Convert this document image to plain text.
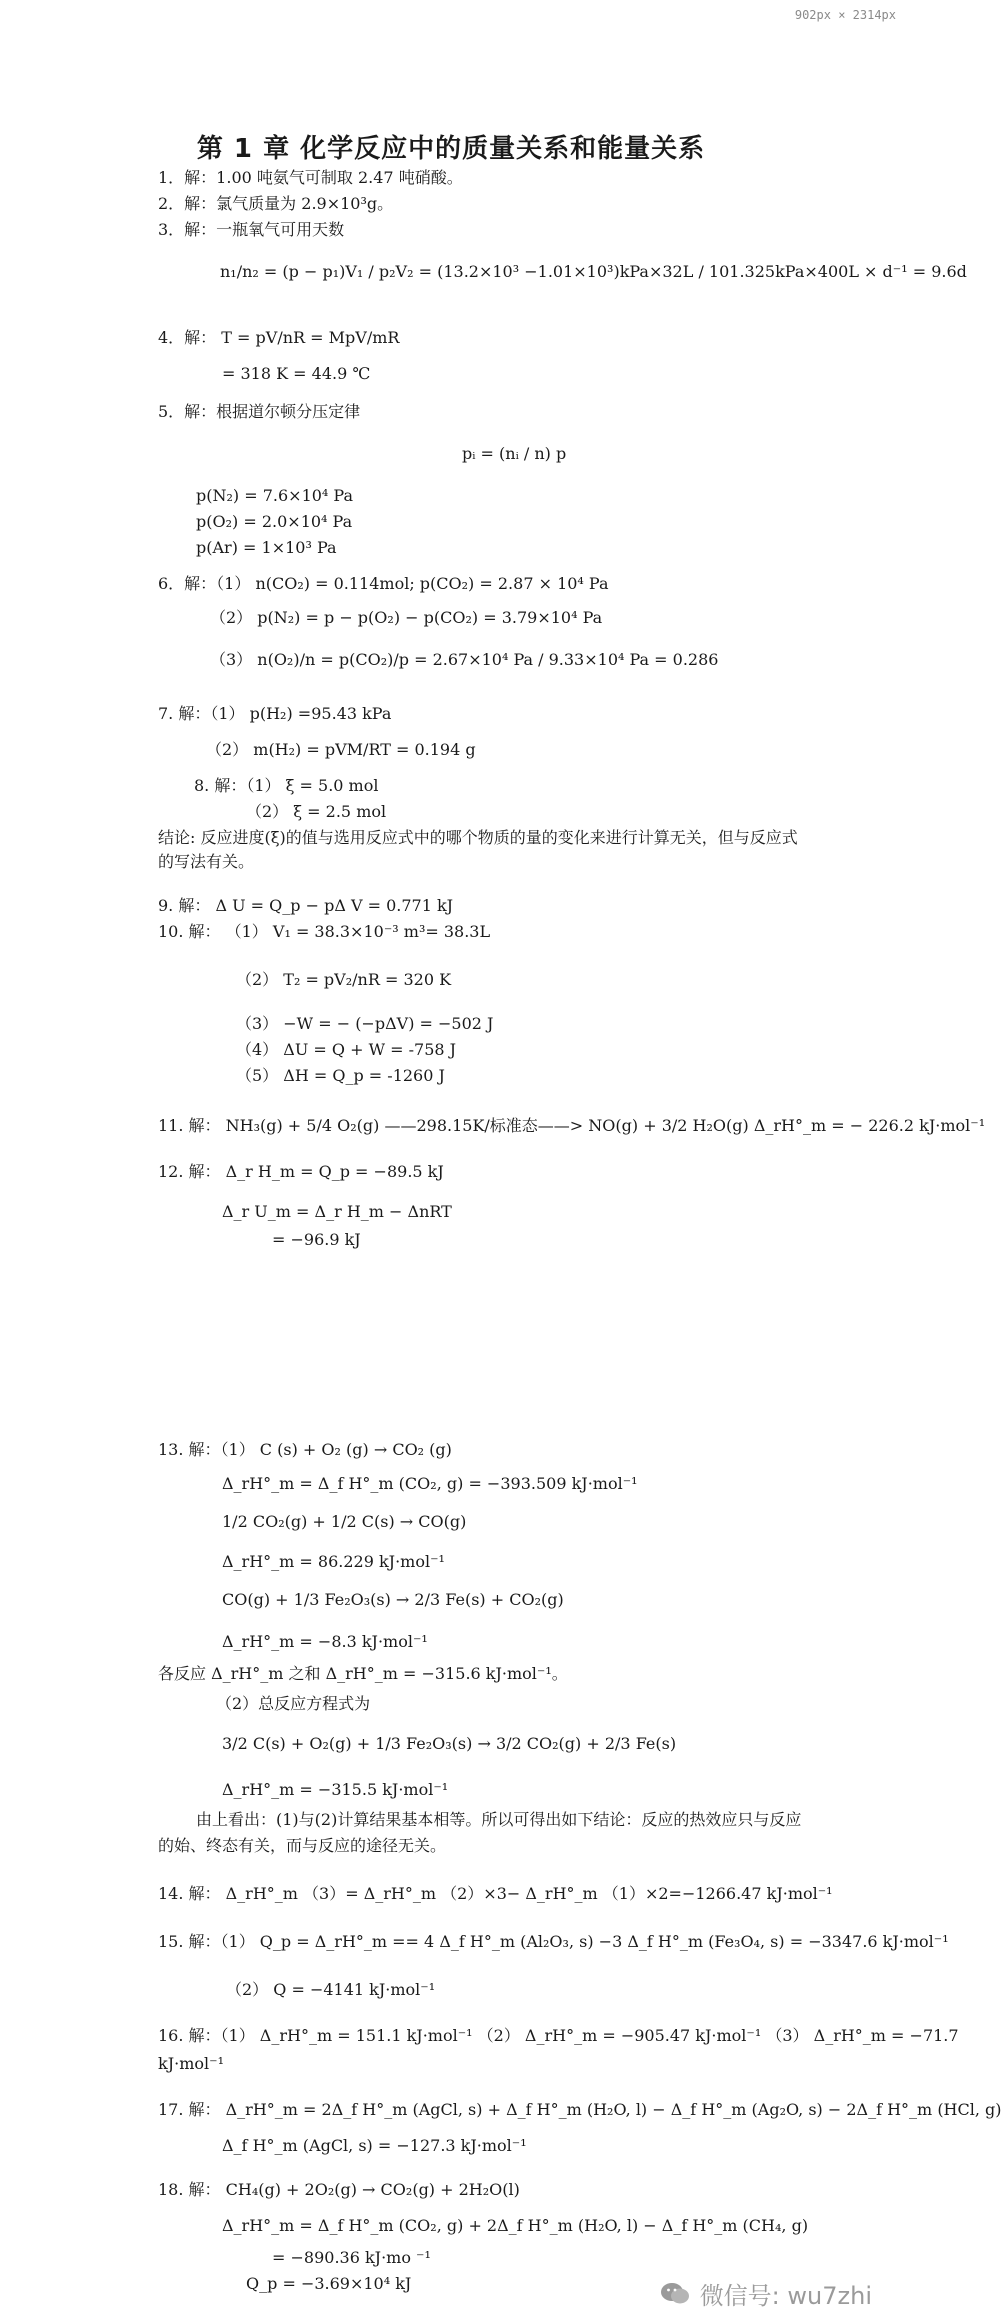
902px × 2314px
第 1 章 化学反应中的质量关系和能量关系
1．解：1.00 吨氨气可制取 2.47 吨硝酸。
2．解：氯气质量为 2.9×10³g。
3．解：一瓶氧气可用天数
n₁/n₂ = (p − p₁)V₁ / p₂V₂ = (13.2×10³ −1.01×10³)kPa×32L / 101.325kPa×400L × d⁻¹ = 9.6d
4．解： T = pV/nR = MpV/mR
= 318 K = 44.9 ℃
5．解：根据道尔顿分压定律
pᵢ = (nᵢ / n) p
p(N₂) = 7.6×10⁴ Pa
p(O₂) = 2.0×10⁴ Pa
p(Ar) = 1×10³ Pa
6．解：（1） n(CO₂) = 0.114mol; p(CO₂) = 2.87 × 10⁴ Pa
（2） p(N₂) = p − p(O₂) − p(CO₂) = 3.79×10⁴ Pa
（3） n(O₂)/n = p(CO₂)/p = 2.67×10⁴ Pa / 9.33×10⁴ Pa = 0.286
7. 解：（1） p(H₂) =95.43 kPa
（2） m(H₂) = pVM/RT = 0.194 g
8. 解：（1） ξ = 5.0 mol
（2） ξ = 2.5 mol
结论: 反应进度(ξ)的值与选用反应式中的哪个物质的量的变化来进行计算无关，但与反应式
的写法有关。
9. 解： Δ U = Q_p − pΔ V = 0.771 kJ
10. 解： （1） V₁ = 38.3×10⁻³ m³= 38.3L
（2） T₂ = pV₂/nR = 320 K
（3） −W = − (−pΔV) = −502 J
（4） ΔU = Q + W = -758 J
（5） ΔH = Q_p = -1260 J
11. 解： NH₃(g) + 5/4 O₂(g) ——298.15K/标准态——> NO(g) + 3/2 H₂O(g) Δ_rH°_m = − 226.2 kJ·mol⁻¹
12. 解： Δ_r H_m = Q_p = −89.5 kJ
Δ_r U_m = Δ_r H_m − ΔnRT
= −96.9 kJ
13. 解：（1） C (s) + O₂ (g) → CO₂ (g)
Δ_rH°_m = Δ_f H°_m (CO₂, g) = −393.509 kJ·mol⁻¹
1/2 CO₂(g) + 1/2 C(s) → CO(g)
Δ_rH°_m = 86.229 kJ·mol⁻¹
CO(g) + 1/3 Fe₂O₃(s) → 2/3 Fe(s) + CO₂(g)
Δ_rH°_m = −8.3 kJ·mol⁻¹
各反应 Δ_rH°_m 之和 Δ_rH°_m = −315.6 kJ·mol⁻¹。
（2）总反应方程式为
3/2 C(s) + O₂(g) + 1/3 Fe₂O₃(s) → 3/2 CO₂(g) + 2/3 Fe(s)
Δ_rH°_m = −315.5 kJ·mol⁻¹
由上看出：(1)与(2)计算结果基本相等。所以可得出如下结论：反应的热效应只与反应
的始、终态有关，而与反应的途径无关。
14. 解： Δ_rH°_m （3）= Δ_rH°_m （2）×3− Δ_rH°_m （1）×2=−1266.47 kJ·mol⁻¹
15. 解：（1） Q_p = Δ_rH°_m == 4 Δ_f H°_m (Al₂O₃, s) −3 Δ_f H°_m (Fe₃O₄, s) = −3347.6 kJ·mol⁻¹
（2） Q = −4141 kJ·mol⁻¹
16. 解：（1） Δ_rH°_m = 151.1 kJ·mol⁻¹ （2） Δ_rH°_m = −905.47 kJ·mol⁻¹ （3） Δ_rH°_m = −71.7
kJ·mol⁻¹
17. 解： Δ_rH°_m = 2Δ_f H°_m (AgCl, s) + Δ_f H°_m (H₂O, l) − Δ_f H°_m (Ag₂O, s) − 2Δ_f H°_m (HCl, g)
Δ_f H°_m (AgCl, s) = −127.3 kJ·mol⁻¹
18. 解： CH₄(g) + 2O₂(g) → CO₂(g) + 2H₂O(l)
Δ_rH°_m = Δ_f H°_m (CO₂, g) + 2Δ_f H°_m (H₂O, l) − Δ_f H°_m (CH₄, g)
= −890.36 kJ·mo ⁻¹
Q_p = −3.69×10⁴ kJ	微信号: wu7zhi
